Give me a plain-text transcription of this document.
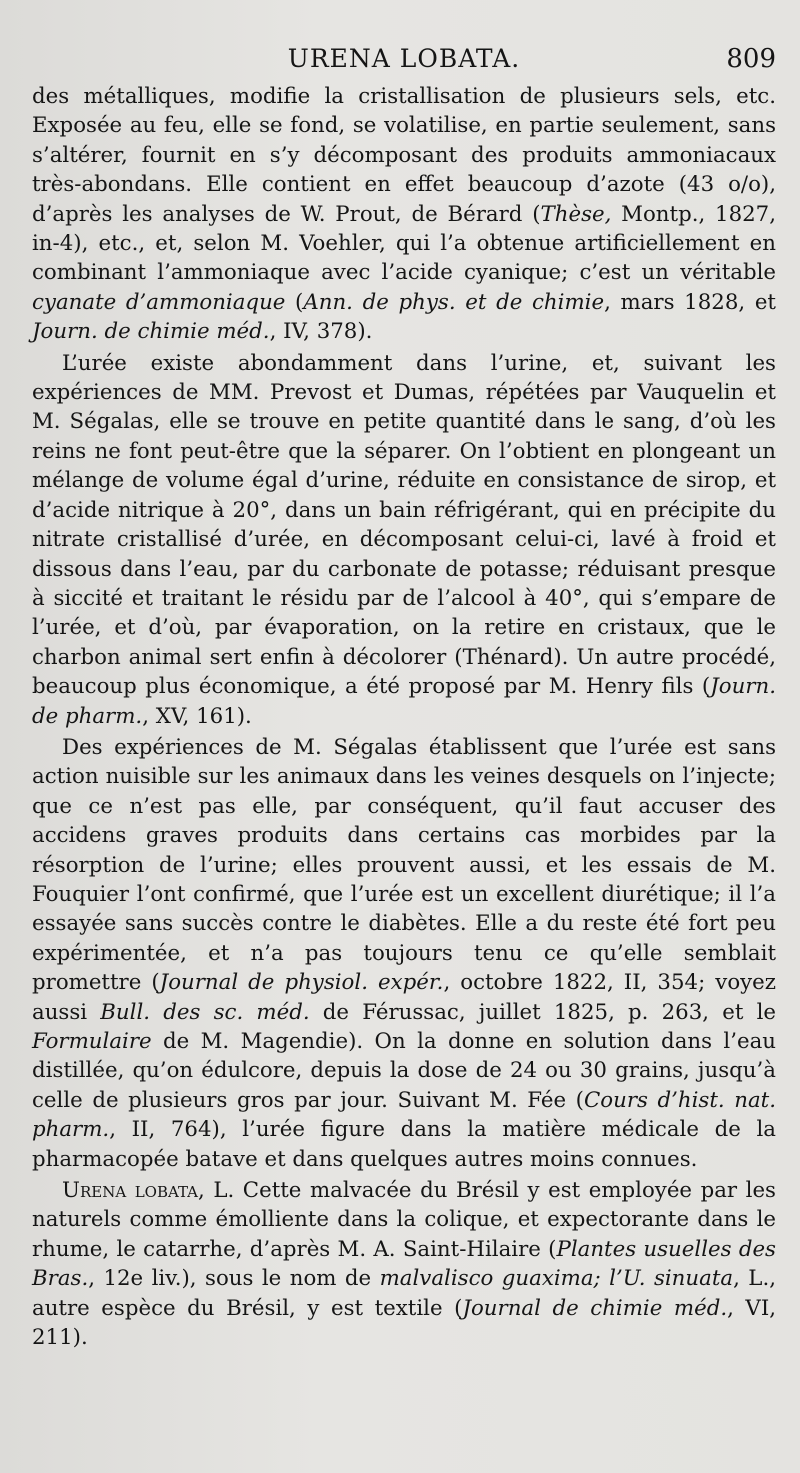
URENA LOBATA.	809

des métalliques, modifie la cristallisation de plusieurs sels, etc. Exposée au feu, elle se fond, se volatilise, en partie seulement, sans s’altérer, fournit en s’y décomposant des produits ammoniacaux très-abondans. Elle contient en effet beaucoup d’azote (43 o/o), d’après les analyses de W. Prout, de Bérard (Thèse, Montp., 1827, in-4), etc., et, selon M. Voehler, qui l’a obtenue artificiellement en combinant l’ammoniaque avec l’acide cyanique; c’est un véritable cyanate d’ammoniaque (Ann. de phys. et de chimie, mars 1828, et Journ. de chimie méd., IV, 378).

L’urée existe abondamment dans l’urine, et, suivant les expériences de MM. Prevost et Dumas, répétées par Vauquelin et M. Ségalas, elle se trouve en petite quantité dans le sang, d’où les reins ne font peut-être que la séparer. On l’obtient en plongeant un mélange de volume égal d’urine, réduite en consistance de sirop, et d’acide nitrique à 20°, dans un bain réfrigérant, qui en précipite du nitrate cristallisé d’urée, en décomposant celui-ci, lavé à froid et dissous dans l’eau, par du carbonate de potasse; réduisant presque à siccité et traitant le résidu par de l’alcool à 40°, qui s’empare de l’urée, et d’où, par évaporation, on la retire en cristaux, que le charbon animal sert enfin à décolorer (Thénard). Un autre procédé, beaucoup plus économique, a été proposé par M. Henry fils (Journ. de pharm., XV, 161).

Des expériences de M. Ségalas établissent que l’urée est sans action nuisible sur les animaux dans les veines desquels on l’injecte; que ce n’est pas elle, par conséquent, qu’il faut accuser des accidens graves produits dans certains cas morbides par la résorption de l’urine; elles prouvent aussi, et les essais de M. Fouquier l’ont confirmé, que l’urée est un excellent diurétique; il l’a essayée sans succès contre le diabètes. Elle a du reste été fort peu expérimentée, et n’a pas toujours tenu ce qu’elle semblait promettre (Journal de physiol. expér., octobre 1822, II, 354; voyez aussi Bull. des sc. méd. de Férussac, juillet 1825, p. 263, et le Formulaire de M. Magendie). On la donne en solution dans l’eau distillée, qu’on édulcore, depuis la dose de 24 ou 30 grains, jusqu’à celle de plusieurs gros par jour. Suivant M. Fée (Cours d’hist. nat. pharm., II, 764), l’urée figure dans la matière médicale de la pharmacopée batave et dans quelques autres moins connues.

Urena lobata, L. Cette malvacée du Brésil y est employée par les naturels comme émolliente dans la colique, et expectorante dans le rhume, le catarrhe, d’après M. A. Saint-Hilaire (Plantes usuelles des Bras., 12e liv.), sous le nom de malvalisco guaxima; l’U. sinuata, L., autre espèce du Brésil, y est textile (Journal de chimie méd., VI, 211).
